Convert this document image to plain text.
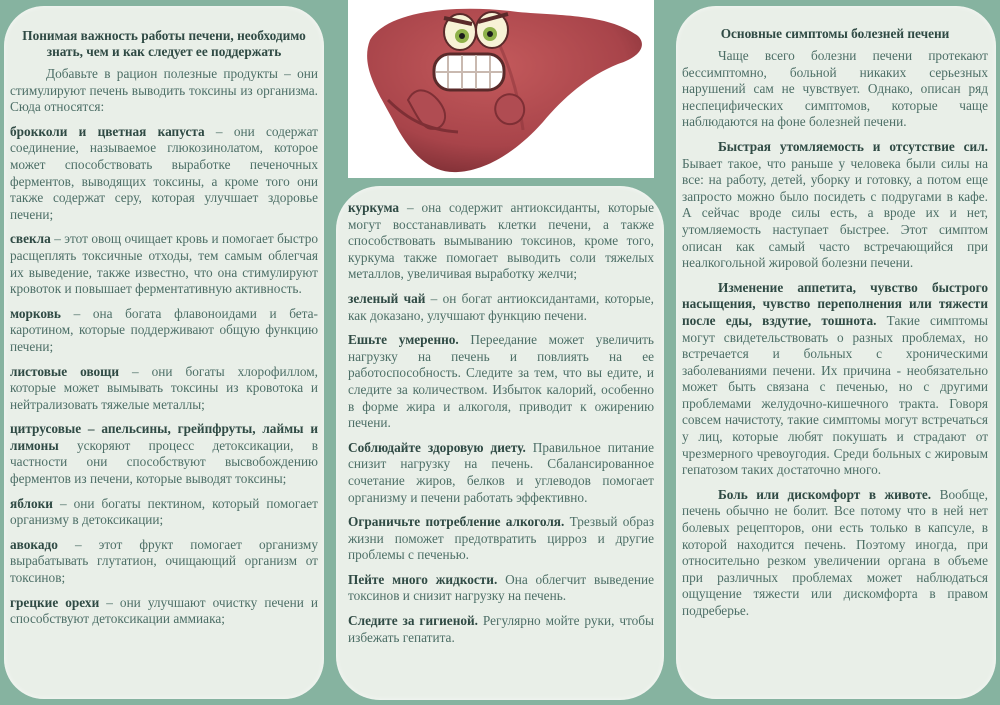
Понимая важность работы печени, необходимо знать, чем и как следует ее поддержать

Добавьте в рацион полезные продукты – они стимулируют печень выводить токсины из организма. Сюда относятся:

брокколи и цветная капуста – они содержат соединение, называемое глюкозинолатом, которое может способствовать выработке печеночных ферментов, выводящих токсины, а кроме того они также содержат серу, которая улучшает здоровье печени;

свекла – этот овощ очищает кровь и помогает быстро расщеплять токсичные отходы, тем самым облегчая их выведение, также известно, что она стимулируют кровоток и повышает ферментативную активность.

морковь – она богата флавоноидами и бета-каротином, которые поддерживают общую функцию печени;

листовые овощи – они богаты хлорофиллом, которые может вымывать токсины из кровотока и нейтрализовать тяжелые металлы;

цитрусовые – апельсины, грейпфруты, лаймы и лимоны ускоряют процесс детоксикации, в частности они способствуют высвобождению ферментов из печени, которые выводят токсины;

яблоки – они богаты пектином, который помогает организму в детоксикации;

авокадо – этот фрукт помогает организму вырабатывать глутатион, очищающий организм от токсинов;

грецкие орехи – они улучшают очистку печени и способствуют детоксикации аммиака;

куркума – она содержит антиоксиданты, которые могут восстанавливать клетки печени, а также способствовать вымыванию токсинов, кроме того, куркума также помогает выводить соли тяжелых металлов, увеличивая выработку желчи;

зеленый чай – он богат антиоксидантами, которые, как доказано, улучшают функцию печени.

Ешьте умеренно. Переедание может увеличить нагрузку на печень и повлиять на ее работоспособность. Следите за тем, что вы едите, и следите за количеством. Избыток калорий, особенно в форме жира и алкоголя, приводит к ожирению печени.

Соблюдайте здоровую диету. Правильное питание снизит нагрузку на печень. Сбалансированное сочетание жиров, белков и углеводов помогает организму и печени работать эффективно.

Ограничьте потребление алкоголя. Трезвый образ жизни поможет предотвратить цирроз и другие проблемы с печенью.

Пейте много жидкости. Она облегчит выведение токсинов и снизит нагрузку на печень.

Следите за гигиеной. Регулярно мойте руки, чтобы избежать гепатита.

Основные симптомы болезней печени

Чаще всего болезни печени протекают бессимптомно, больной никаких серьезных нарушений сам не чувствует. Однако, описан ряд неспецифических симптомов, которые чаще наблюдаются на фоне болезней печени.

Быстрая утомляемость и отсутствие сил. Бывает такое, что раньше у человека были силы на все: на работу, детей, уборку и готовку, а потом еще запросто можно было посидеть с подругами в кафе. А сейчас вроде силы есть, а вроде их и нет, утомляемость наступает быстрее. Этот симптом описан как самый часто встречающийся при неалкогольной жировой болезни печени.

Изменение аппетита, чувство быстрого насыщения, чувство переполнения или тяжести после еды, вздутие, тошнота. Такие симптомы могут свидетельствовать о разных проблемах, но встречается и больных с хроническими заболеваниями печени. Их причина - необязательно может быть связана с печенью, но с другими проблемами желудочно-кишечного тракта. Говоря совсем начистоту, такие симптомы могут встречаться у лиц, которые любят покушать и страдают от чрезмерного чревоугодия. Среди больных с жировым гепатозом таких достаточно много.

Боль или дискомфорт в животе. Вообще, печень обычно не болит. Все потому что в ней нет болевых рецепторов, они есть только в капсуле, в которой находится печень. Поэтому иногда, при относительно резком увеличении органа в объеме при различных проблемах может наблюдаться ощущение тяжести или дискомфорта в правом подреберье.
